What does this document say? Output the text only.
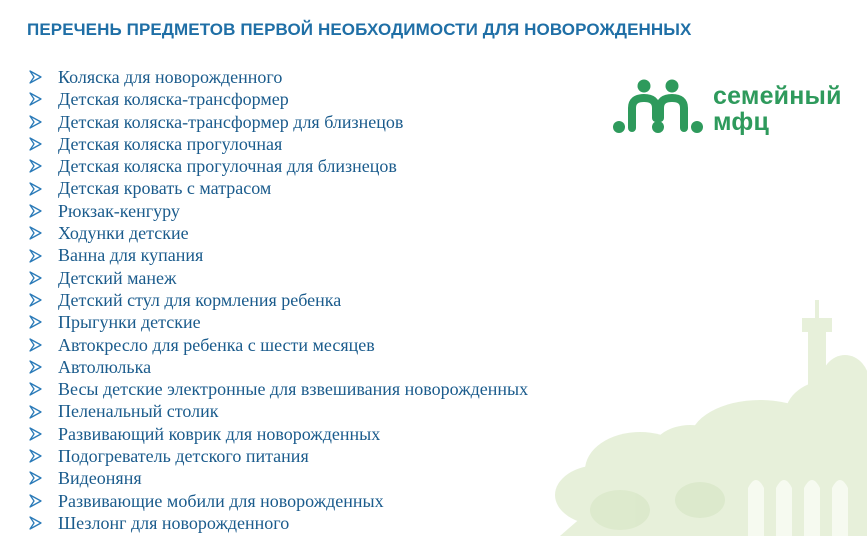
ПЕРЕЧЕНЬ ПРЕДМЕТОВ ПЕРВОЙ НЕОБХОДИМОСТИ ДЛЯ НОВОРОЖДЕННЫХ
Коляска для новорожденного
Детская коляска-трансформер
Детская коляска-трансформер для близнецов
Детская коляска прогулочная
Детская коляска прогулочная для близнецов
Детская кровать с матрасом
Рюкзак-кенгуру
Ходунки детские
Ванна для купания
Детский манеж
Детский стул для кормления ребенка
Прыгунки детские
Автокресло для ребенка с шести месяцев
Автолюлька
Весы детские электронные для взвешивания новорожденных
Пеленальный столик
Развивающий коврик для новорожденных
Подогреватель детского питания
Видеоняня
Развивающие мобили для новорожденных
Шезлонг для новорожденного
семейный
мфц
